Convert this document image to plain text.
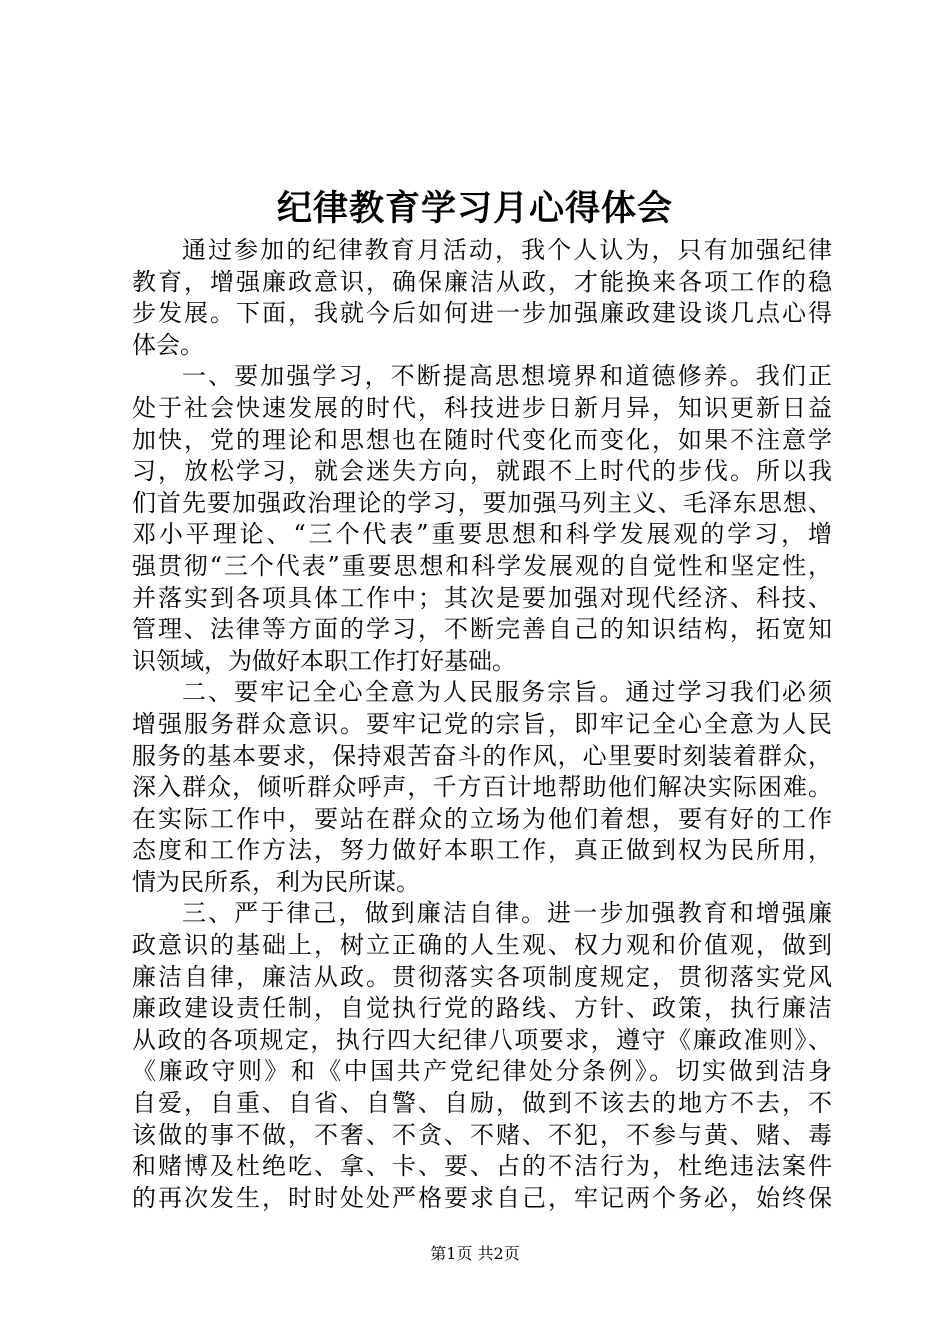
纪律教育学习月心得体会
通过参加的纪律教育月活动，我个人认为，只有加强纪律
教育，增强廉政意识，确保廉洁从政，才能换来各项工作的稳
步发展。下面，我就今后如何进一步加强廉政建设谈几点心得
体会。
一、要加强学习，不断提高思想境界和道德修养。我们正
处于社会快速发展的时代，科技进步日新月异，知识更新日益
加快，党的理论和思想也在随时代变化而变化，如果不注意学
习，放松学习，就会迷失方向，就跟不上时代的步伐。所以我
们首先要加强政治理论的学习，要加强马列主义、毛泽东思想、
邓小平理论、“三个代表”重要思想和科学发展观的学习，增
强贯彻“三个代表”重要思想和科学发展观的自觉性和坚定性，
并落实到各项具体工作中；其次是要加强对现代经济、科技、
管理、法律等方面的学习，不断完善自己的知识结构，拓宽知
识领域，为做好本职工作打好基础。
二、要牢记全心全意为人民服务宗旨。通过学习我们必须
增强服务群众意识。要牢记党的宗旨，即牢记全心全意为人民
服务的基本要求，保持艰苦奋斗的作风，心里要时刻装着群众，
深入群众，倾听群众呼声，千方百计地帮助他们解决实际困难。
在实际工作中，要站在群众的立场为他们着想，要有好的工作
态度和工作方法，努力做好本职工作，真正做到权为民所用，
情为民所系，利为民所谋。
三、严于律己，做到廉洁自律。进一步加强教育和增强廉
政意识的基础上，树立正确的人生观、权力观和价值观，做到
廉洁自律，廉洁从政。贯彻落实各项制度规定，贯彻落实党风
廉政建设责任制，自觉执行党的路线、方针、政策，执行廉洁
从政的各项规定，执行四大纪律八项要求，遵守《廉政准则》、
《廉政守则》和《中国共产党纪律处分条例》。切实做到洁身
自爱，自重、自省、自警、自励，做到不该去的地方不去，不
该做的事不做，不奢、不贪、不赌、不犯，不参与黄、赌、毒
和赌博及杜绝吃、拿、卡、要、占的不洁行为，杜绝违法案件
的再次发生，时时处处严格要求自己，牢记两个务必，始终保
第1页 共2页
